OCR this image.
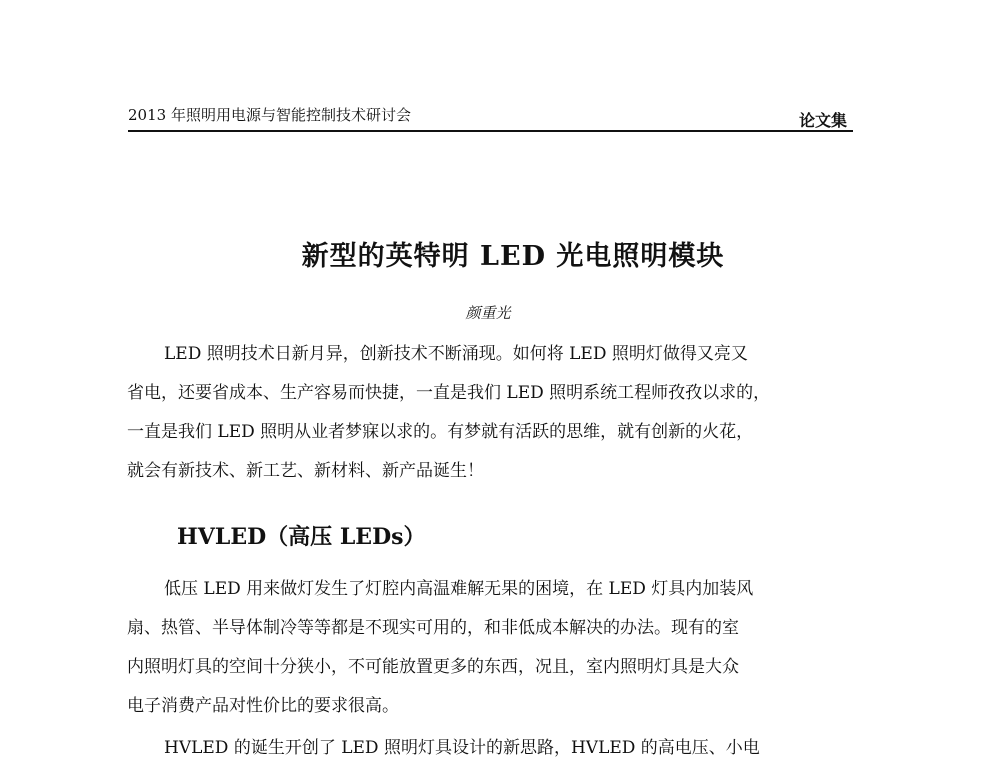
2013 年照明用电源与智能控制技术研讨会	论文集
新型的英特明 LED 光电照明模块
颜重光

LED 照明技术日新月异，创新技术不断涌现。如何将 LED 照明灯做得又亮又
省电，还要省成本、生产容易而快捷，一直是我们 LED 照明系统工程师孜孜以求的，
一直是我们 LED 照明从业者梦寐以求的。有梦就有活跃的思维，就有创新的火花，
就会有新技术、新工艺、新材料、新产品诞生！

HVLED（高压 LEDs）

低压 LED 用来做灯发生了灯腔内高温难解无果的困境，在 LED 灯具内加装风
扇、热管、半导体制冷等等都是不现实可用的，和非低成本解决的办法。现有的室
内照明灯具的空间十分狭小，不可能放置更多的东西，况且，室内照明灯具是大众
电子消费产品对性价比的要求很高。

HVLED 的诞生开创了 LED 照明灯具设计的新思路，HVLED 的高电压、小电
